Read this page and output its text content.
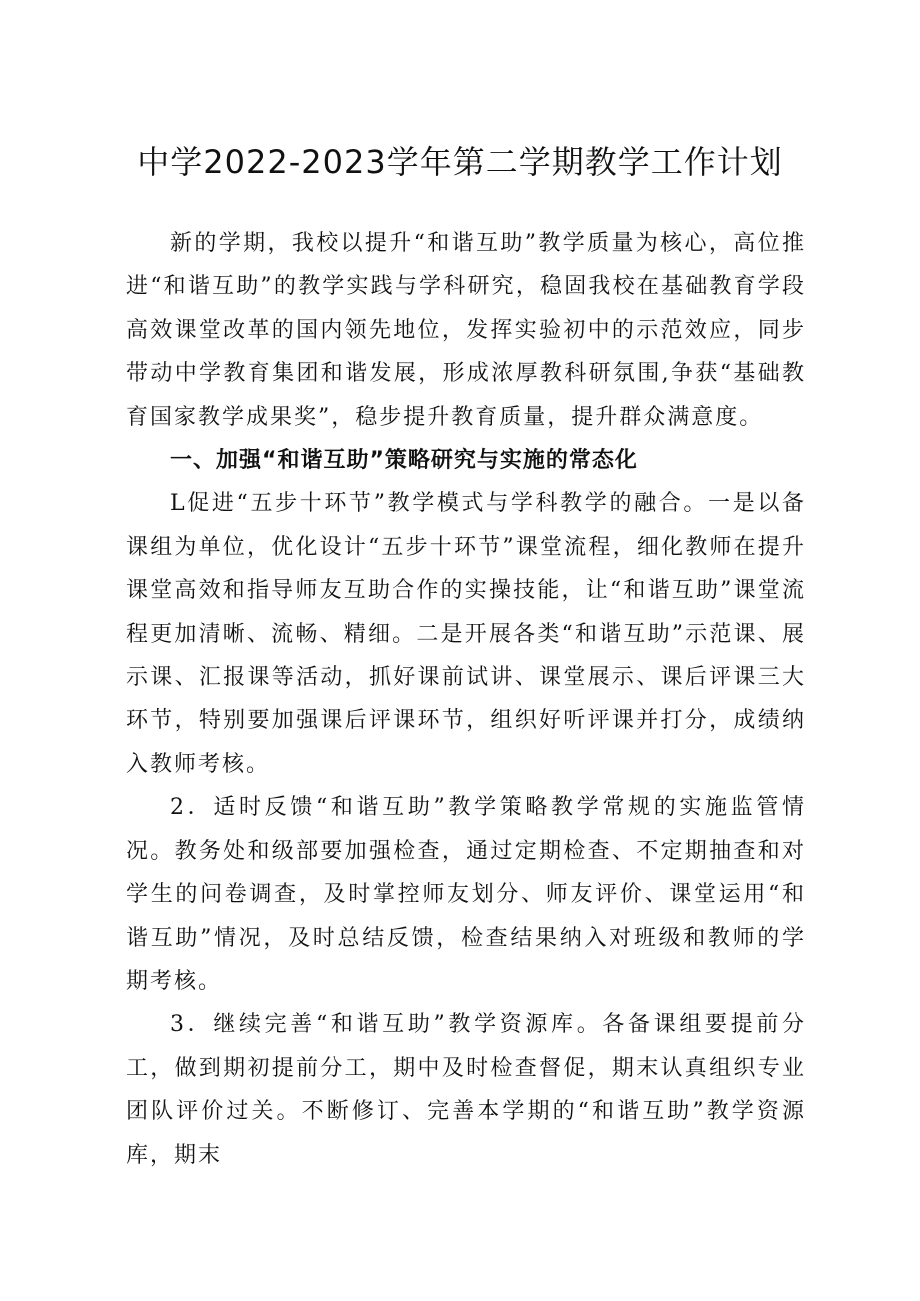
中学2022-2023学年第二学期教学工作计划

新的学期，我校以提升“和谐互助”教学质量为核心，高位推进“和谐互助”的教学实践与学科研究，稳固我校在基础教育学段高效课堂改革的国内领先地位，发挥实验初中的示范效应，同步带动中学教育集团和谐发展，形成浓厚教科研氛围,争获“基础教育国家教学成果奖”，稳步提升教育质量，提升群众满意度。

一、加强“和谐互助”策略研究与实施的常态化

L促进“五步十环节”教学模式与学科教学的融合。一是以备课组为单位，优化设计“五步十环节”课堂流程，细化教师在提升课堂高效和指导师友互助合作的实操技能，让“和谐互助”课堂流程更加清晰、流畅、精细。二是开展各类“和谐互助”示范课、展示课、汇报课等活动，抓好课前试讲、课堂展示、课后评课三大环节，特别要加强课后评课环节，组织好听评课并打分，成绩纳入教师考核。

2．适时反馈“和谐互助”教学策略教学常规的实施监管情况。教务处和级部要加强检查，通过定期检查、不定期抽查和对学生的问卷调查，及时掌控师友划分、师友评价、课堂运用“和谐互助”情况，及时总结反馈，检查结果纳入对班级和教师的学期考核。

3．继续完善“和谐互助”教学资源库。各备课组要提前分工，做到期初提前分工，期中及时检查督促，期末认真组织专业团队评价过关。不断修订、完善本学期的“和谐互助”教学资源库，期末
